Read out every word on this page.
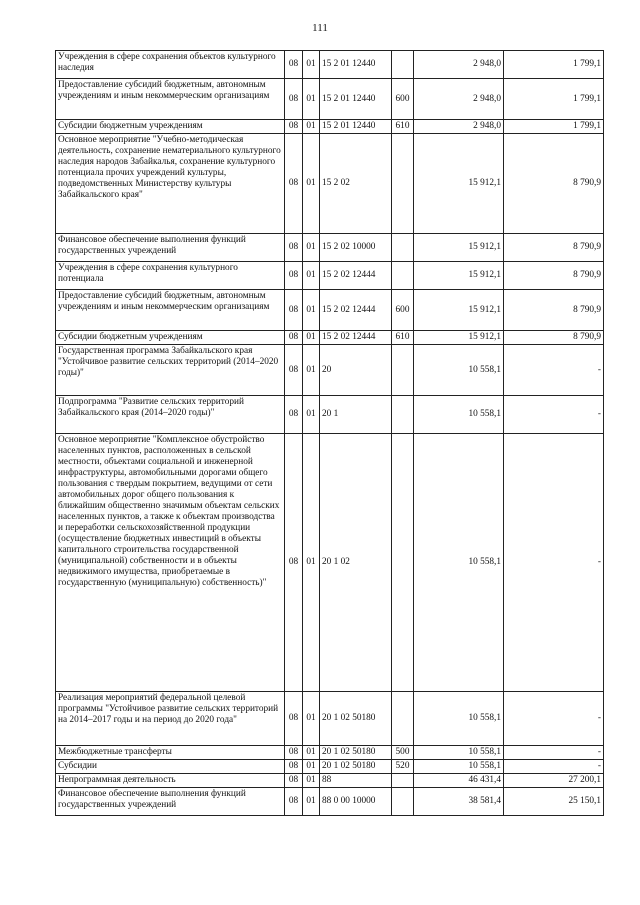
111
Учреждения в сфере сохранения объектов культурного наследия	08	01	15 2 01 12440		2 948,0	1 799,1
Предоставление субсидий бюджетным, автономным учреждениям и иным некоммерческим организациям	08	01	15 2 01 12440	600	2 948,0	1 799,1
Субсидии бюджетным учреждениям	08	01	15 2 01 12440	610	2 948,0	1 799,1
Основное мероприятие "Учебно-методическая деятельность, сохранение нематериального культурного наследия народов Забайкалья, сохранение культурного потенциала прочих учреждений культуры, подведомственных Министерству культуры Забайкальского края"	08	01	15 2 02		15 912,1	8 790,9
Финансовое обеспечение выполнения функций государственных учреждений	08	01	15 2 02 10000		15 912,1	8 790,9
Учреждения в сфере сохранения культурного потенциала	08	01	15 2 02 12444		15 912,1	8 790,9
Предоставление субсидий бюджетным, автономным учреждениям и иным некоммерческим организациям	08	01	15 2 02 12444	600	15 912,1	8 790,9
Субсидии бюджетным учреждениям	08	01	15 2 02 12444	610	15 912,1	8 790,9
Государственная программа Забайкальского края "Устойчивое развитие сельских территорий (2014–2020 годы)"	08	01	20		10 558,1	-
Подпрограмма "Развитие сельских территорий Забайкальского края (2014–2020 годы)"	08	01	20 1		10 558,1	-
Основное мероприятие "Комплексное обустройство населенных пунктов, расположенных в сельской местности, объектами социальной и инженерной инфраструктуры, автомобильными дорогами общего пользования с твердым покрытием, ведущими от сети автомобильных дорог общего пользования к ближайшим общественно значимым объектам сельских населенных пунктов, а также к объектам производства и переработки сельскохозяйственной продукции (осуществление бюджетных инвестиций в объекты капитального строительства государственной (муниципальной) собственности и в объекты недвижимого имущества, приобретаемые в государственную (муниципальную) собственность)"	08	01	20 1 02		10 558,1	-
Реализация мероприятий федеральной целевой программы "Устойчивое развитие сельских территорий на 2014–2017 годы и на период до 2020 года"	08	01	20 1 02 50180		10 558,1	-
Межбюджетные трансферты	08	01	20 1 02 50180	500	10 558,1	-
Субсидии	08	01	20 1 02 50180	520	10 558,1	-
Непрограммная деятельность	08	01	88		46 431,4	27 200,1
Финансовое обеспечение выполнения функций государственных учреждений	08	01	88 0 00 10000		38 581,4	25 150,1
